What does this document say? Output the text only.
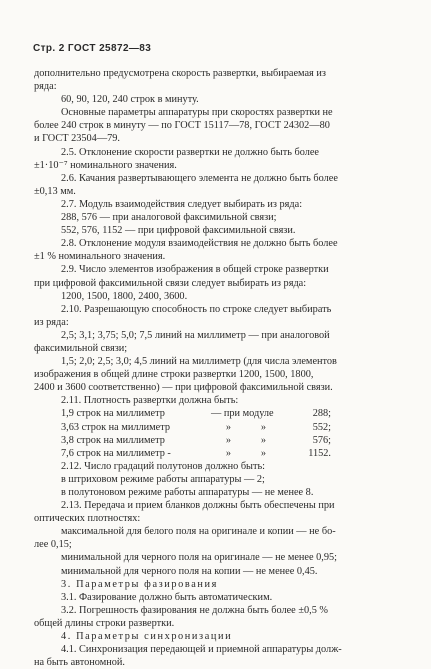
Стр. 2 ГОСТ 25872—83
дополнительно предусмотрена скорость развертки, выбираемая из
ряда:
60, 90, 120, 240 строк в минуту.
Основные параметры аппаратуры при скоростях развертки не
более 240 строк в минуту — по ГОСТ 15117—78, ГОСТ 24302—80
и ГОСТ 23504—79.
2.5. Отклонение скорости развертки не должно быть более
±1·10⁻⁷ номинального значения.
2.6. Качания развертывающего элемента не должно быть более
±0,13 мм.
2.7. Модуль взаимодействия следует выбирать из ряда:
288, 576 — при аналоговой факсимильной связи;
552, 576, 1152 — при цифровой факсимильной связи.
2.8. Отклонение модуля взаимодействия не должно быть более
±1 % номинального значения.
2.9. Число элементов изображения в общей строке развертки
при цифровой факсимильной связи следует выбирать из ряда:
1200, 1500, 1800, 2400, 3600.
2.10. Разрешающую способность по строке следует выбирать
из ряда:
2,5; 3,1; 3,75; 5,0; 7,5 линий на миллиметр — при аналоговой
факсимильной связи;
1,5; 2,0; 2,5; 3,0; 4,5 линий на миллиметр (для числа элементов
изображения в общей длине строки развертки 1200, 1500, 1800,
2400 и 3600 соответственно) — при цифровой факсимильной связи.
2.11. Плотность развертки должна быть:
1,9 строк на миллиметр	— при модуле	288;
3,63 строк на миллиметр	»	»	552;
3,8 строк на миллиметр	»	»	576;
7,6 строк на миллиметр -	»	»	1152.
2.12. Число градаций полутонов должно быть:
в штриховом режиме работы аппаратуры — 2;
в полутоновом режиме работы аппаратуры — не менее 8.
2.13. Передача и прием бланков должны быть обеспечены при
оптических плотностях:
максимальной для белого поля на оригинале и копии — не бо-
лее 0,15;
минимальной для черного поля на оригинале — не менее 0,95;
минимальной для черного поля на копии — не менее 0,45.
3. Параметры фазирования
3.1. Фазирование должно быть автоматическим.
3.2. Погрешность фазирования не должна быть более ±0,5 %
общей длины строки развертки.
4. Параметры синхронизации
4.1. Синхронизация передающей и приемной аппаратуры долж-
на быть автономной.
